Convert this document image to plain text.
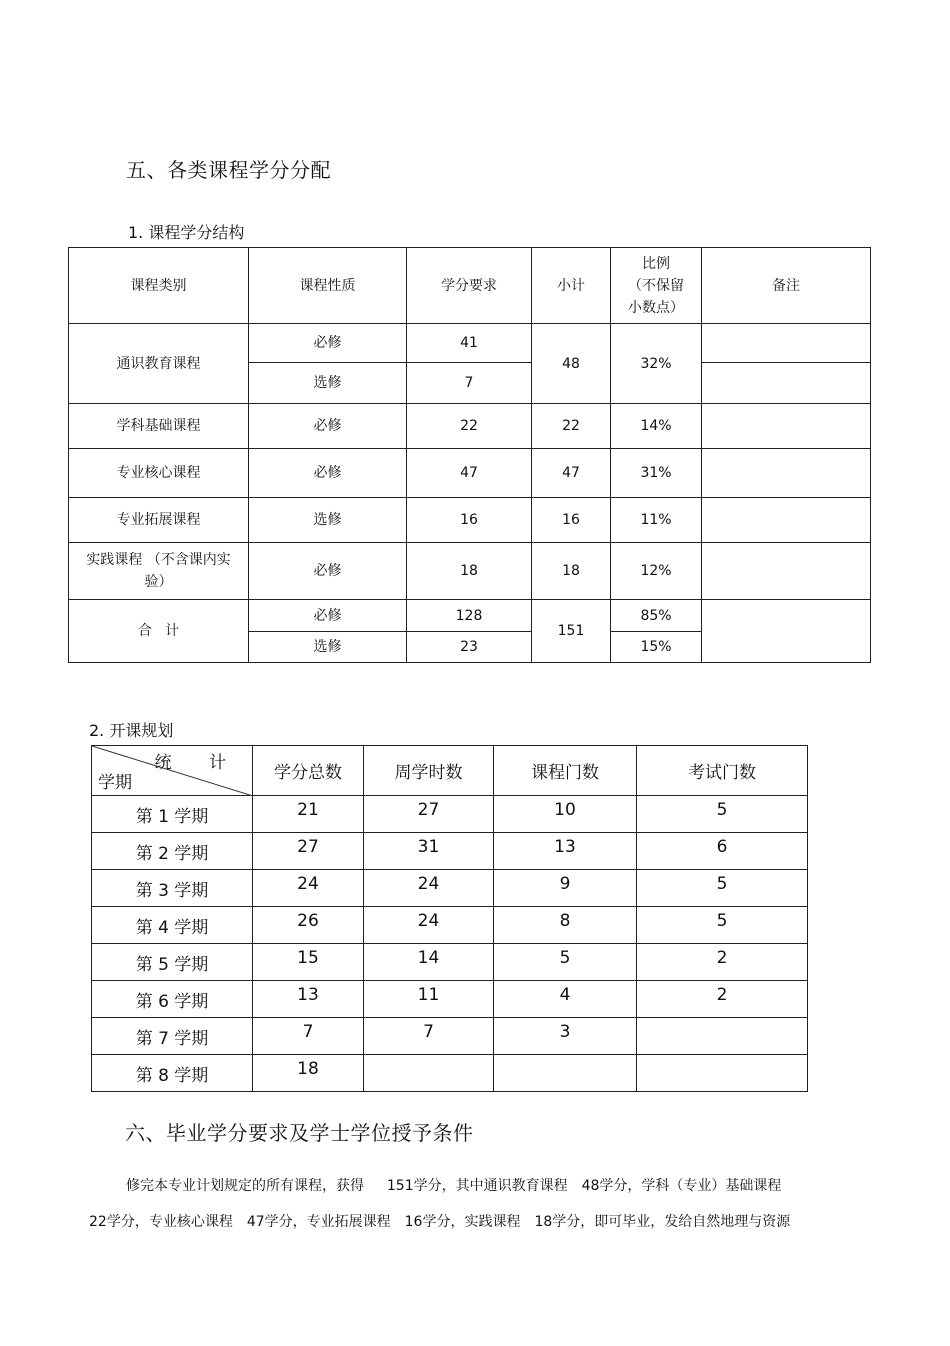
五、各类课程学分分配
1. 课程学分结构
课程类别	课程性质	学分要求	小计	比例
（不保留
小数点）	备注
通识教育课程	必修	41	48	32%	
	选修	7			
学科基础课程	必修	22	22	14%	
专业核心课程	必修	47	47	31%	
专业拓展课程	选修	16	16	11%	
实践课程 （不含课内实
验）	必修	18	18	12%	
合   计	必修	128	151	85%	
	选修	23		15%	
2. 开课规划
统 计
学期	学分总数	周学时数	课程门数	考试门数
第 1 学期	21	27	10	5
第 2 学期	27	31	13	6
第 3 学期	24	24	9	5
第 4 学期	26	24	8	5
第 5 学期	15	14	5	2
第 6 学期	13	11	4	2
第 7 学期	7	7	3	
第 8 学期	18			
六、毕业学分要求及学士学位授予条件
修完本专业计划规定的所有课程，获得　  151学分，其中通识教育课程　48学分，学科（专业）基础课程
22学分，专业核心课程　47学分，专业拓展课程　16学分，实践课程　18学分，即可毕业，发给自然地理与资源
